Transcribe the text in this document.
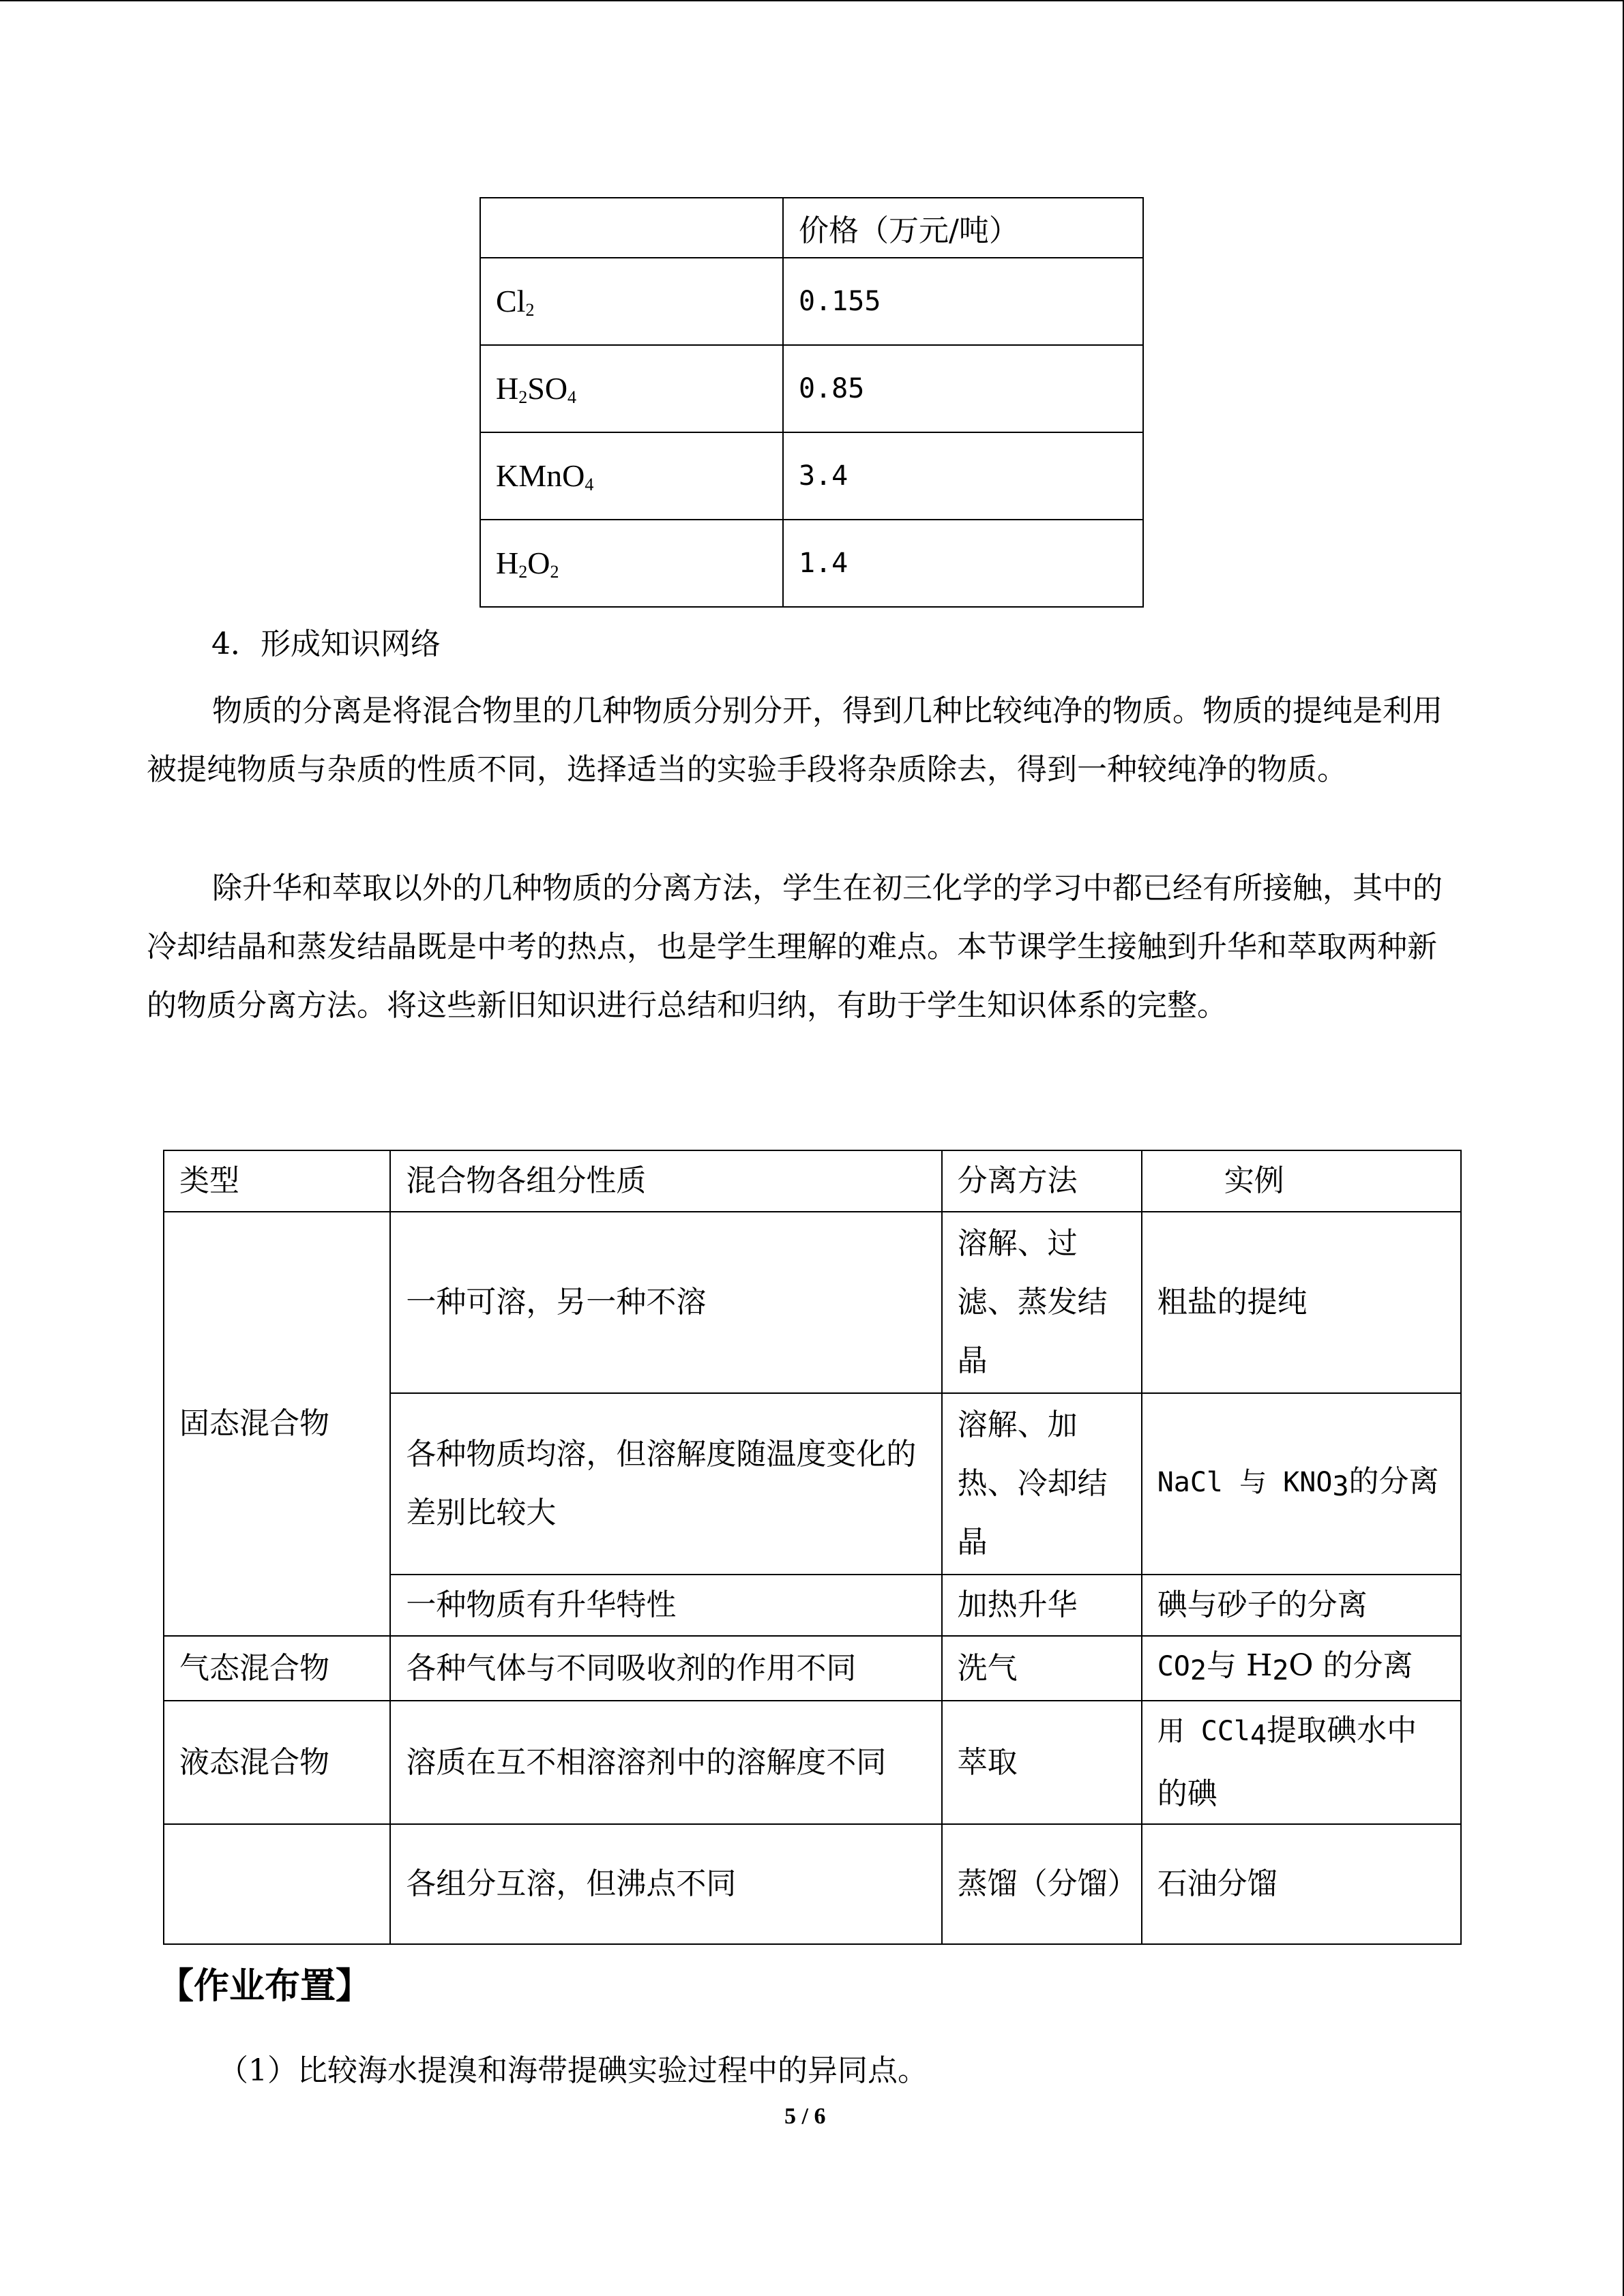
	价格（万元/吨）
$Cl_2$	0.155
$H_2SO_4$	0.85
KMnO$_4$	3.4
$H_2O_2$	1.4
4．形成知识网络
物质的分离是将混合物里的几种物质分别分开，得到几种比较纯净的物质。物质的提纯是利用被提纯物质与杂质的性质不同，选择适当的实验手段将杂质除去，得到一种较纯净的物质。
除升华和萃取以外的几种物质的分离方法，学生在初三化学的学习中都已经有所接触，其中的冷却结晶和蒸发结晶既是中考的热点，也是学生理解的难点。本节课学生接触到升华和萃取两种新的物质分离方法。将这些新旧知识进行总结和归纳，有助于学生知识体系的完整。
类型	混合物各组分性质	分离方法	实例
固态混合物	一种可溶，另一种不溶	溶解、过滤、蒸发结晶	粗盐的提纯
	各种物质均溶，但溶解度随温度变化的差别比较大	溶解、加热、冷却结晶	NaCl 与 $KNO_3$的分离
	一种物质有升华特性	加热升华	碘与砂子的分离
气态混合物	各种气体与不同吸收剂的作用不同	洗气	$CO_2$与 $H_2O$ 的分离
液态混合物	溶质在互不相溶溶剂中的溶解度不同	萃取	用 CCl$_4$提取碘水中的碘
	各组分互溶，但沸点不同	蒸馏（分馏）	石油分馏
【作业布置】
（1）比较海水提溴和海带提碘实验过程中的异同点。
5 / 6
